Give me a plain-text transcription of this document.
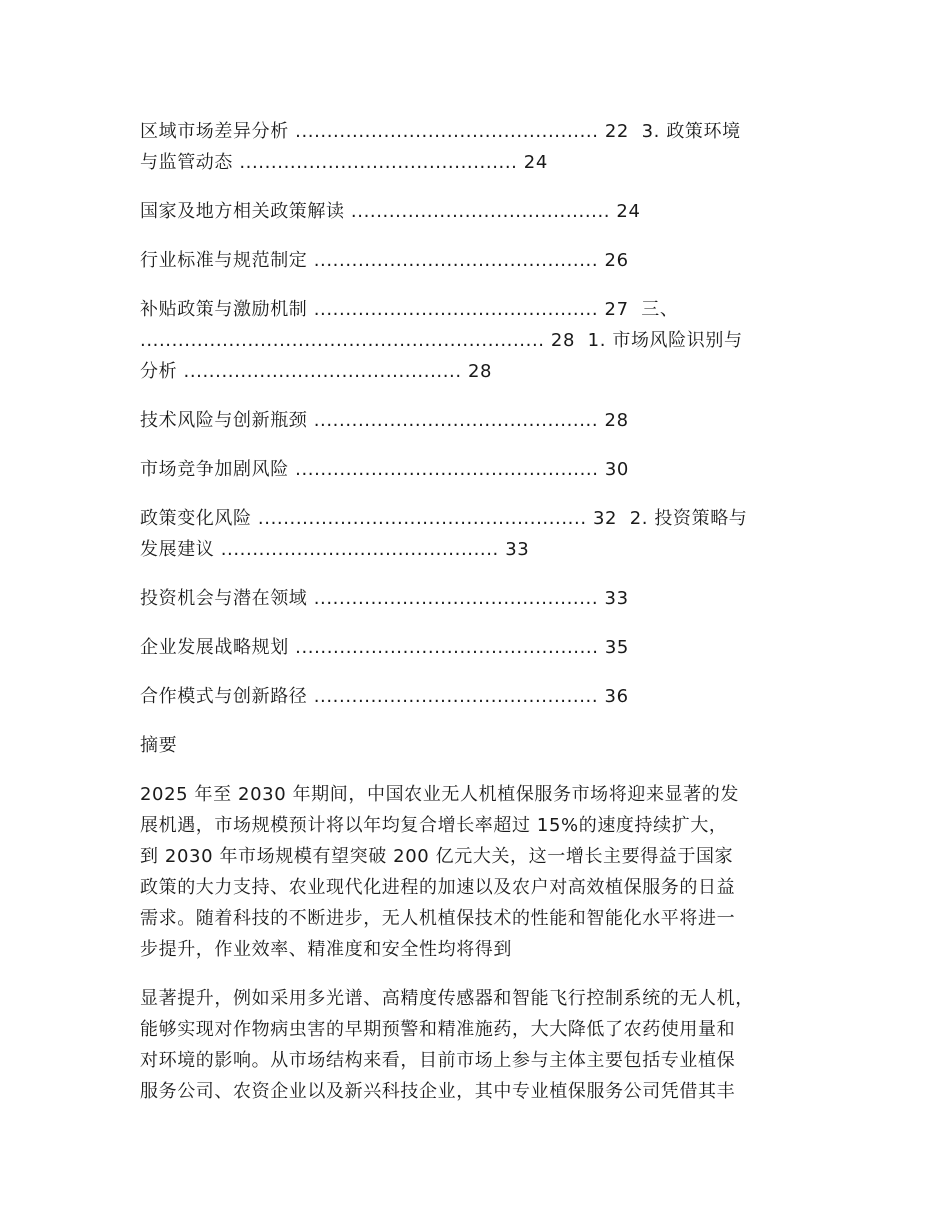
区域市场差异分析 ................................................ 22  3. 政策环境
与监管动态 ............................................ 24

国家及地方相关政策解读 ......................................... 24

行业标准与规范制定 ............................................. 26

补贴政策与激励机制 ............................................. 27  三、
................................................................ 28  1. 市场风险识别与
分析 ............................................ 28

技术风险与创新瓶颈 ............................................. 28

市场竞争加剧风险 ................................................ 30

政策变化风险 .................................................... 32  2. 投资策略与
发展建议 ............................................ 33

投资机会与潜在领域 ............................................. 33

企业发展战略规划 ................................................ 35

合作模式与创新路径 ............................................. 36

摘要

2025 年至 2030 年期间，中国农业无人机植保服务市场将迎来显著的发
展机遇，市场规模预计将以年均复合增长率超过 15%的速度持续扩大，
到 2030 年市场规模有望突破 200 亿元大关，这一增长主要得益于国家
政策的大力支持、农业现代化进程的加速以及农户对高效植保服务的日益
需求。随着科技的不断进步，无人机植保技术的性能和智能化水平将进一
步提升，作业效率、精准度和安全性均将得到

显著提升，例如采用多光谱、高精度传感器和智能飞行控制系统的无人机，
能够实现对作物病虫害的早期预警和精准施药，大大降低了农药使用量和
对环境的影响。从市场结构来看，目前市场上参与主体主要包括专业植保
服务公司、农资企业以及新兴科技企业，其中专业植保服务公司凭借其丰
